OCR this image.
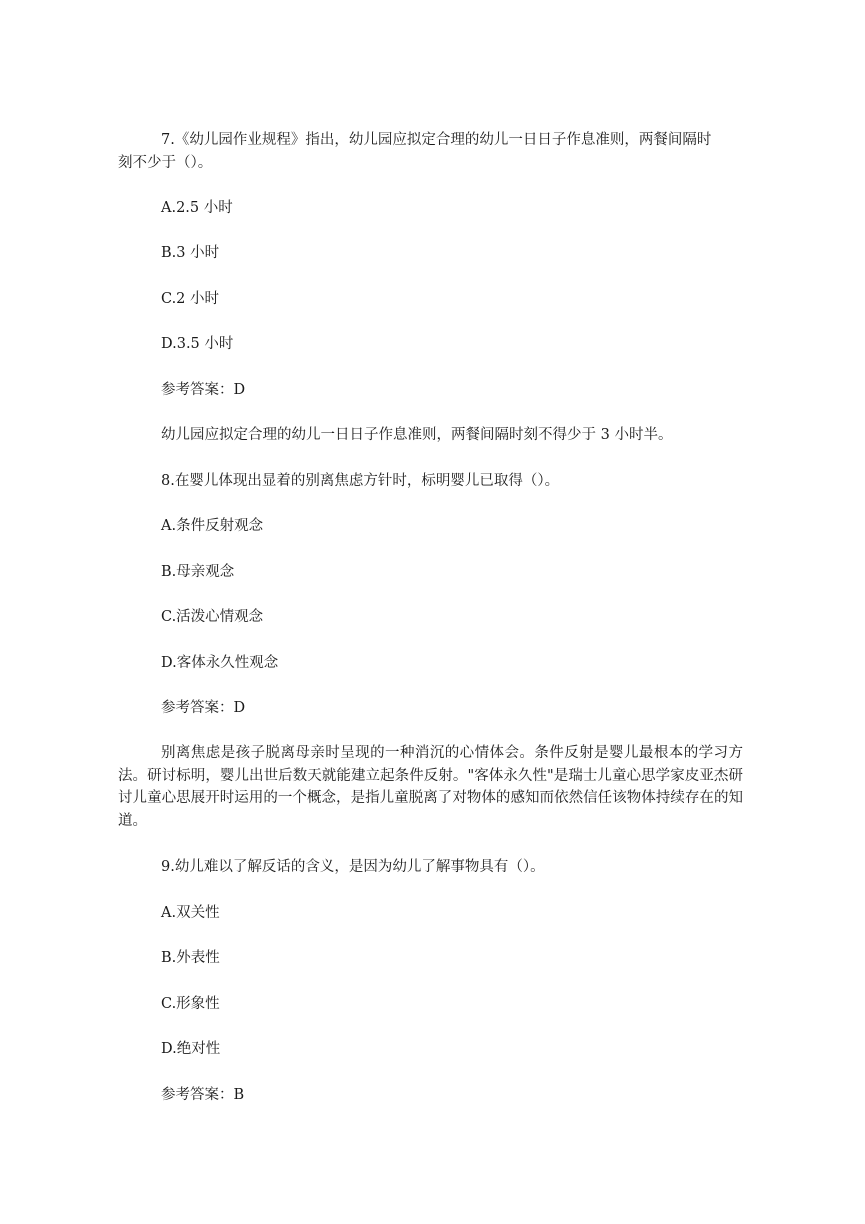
7.《幼儿园作业规程》指出，幼儿园应拟定合理的幼儿一日日子作息准则，两餐间隔时

刻不少于（）。

A.2.5 小时

B.3 小时

C.2 小时

D.3.5 小时

参考答案：D

幼儿园应拟定合理的幼儿一日日子作息准则，两餐间隔时刻不得少于 3 小时半。

8.在婴儿体现出显着的别离焦虑方针时，标明婴儿已取得（）。

A.条件反射观念

B.母亲观念

C.活泼心情观念

D.客体永久性观念

参考答案：D

别离焦虑是孩子脱离母亲时呈现的一种消沉的心情体会。条件反射是婴儿最根本的学习方法。研讨标明，婴儿出世后数天就能建立起条件反射。"客体永久性"是瑞士儿童心思学家皮亚杰研讨儿童心思展开时运用的一个概念，是指儿童脱离了对物体的感知而依然信任该物体持续存在的知道。

9.幼儿难以了解反话的含义，是因为幼儿了解事物具有（）。

A.双关性

B.外表性

C.形象性

D.绝对性

参考答案：B
